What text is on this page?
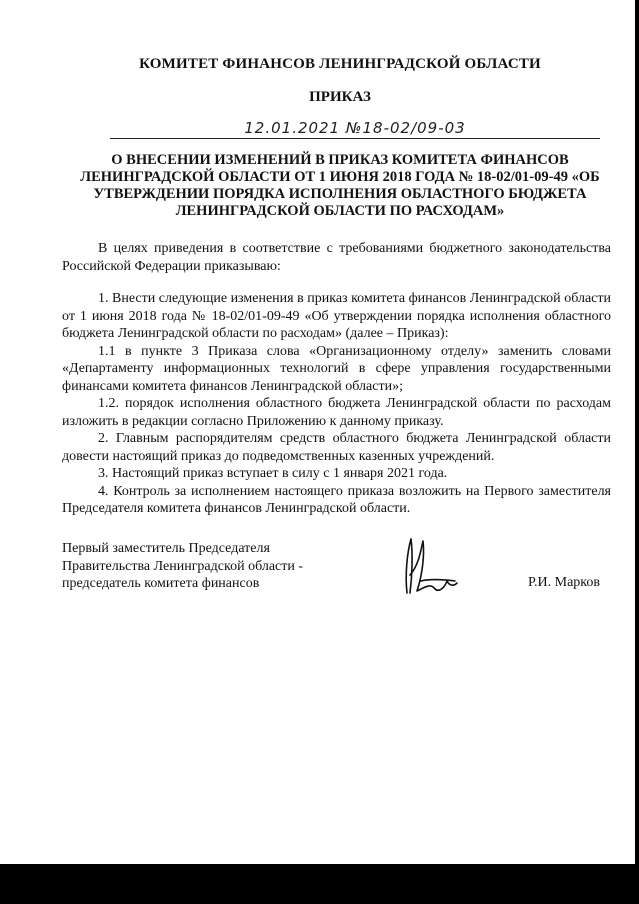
КОМИТЕТ ФИНАНСОВ ЛЕНИНГРАДСКОЙ ОБЛАСТИ
ПРИКАЗ
12.01.2021 №18-02/09-03
О ВНЕСЕНИИ ИЗМЕНЕНИЙ В ПРИКАЗ КОМИТЕТА ФИНАНСОВ
ЛЕНИНГРАДСКОЙ ОБЛАСТИ ОТ 1 ИЮНЯ 2018 ГОДА № 18-02/01-09-49 «ОБ
УТВЕРЖДЕНИИ ПОРЯДКА ИСПОЛНЕНИЯ ОБЛАСТНОГО БЮДЖЕТА
ЛЕНИНГРАДСКОЙ ОБЛАСТИ ПО РАСХОДАМ»

В целях приведения в соответствие с требованиями бюджетного законодательства Российской Федерации приказываю:

1. Внести следующие изменения в приказ комитета финансов Ленинградской области от 1 июня 2018 года № 18-02/01-09-49 «Об утверждении порядка исполнения областного бюджета Ленинградской области по расходам» (далее – Приказ):

1.1 в пункте 3 Приказа слова «Организационному отделу» заменить словами «Департаменту информационных технологий в сфере управления государственными финансами комитета финансов Ленинградской области»;

1.2. порядок исполнения областного бюджета Ленинградской области по расходам изложить в редакции согласно Приложению к данному приказу.

2. Главным распорядителям средств областного бюджета Ленинградской области довести настоящий приказ до подведомственных казенных учреждений.

3. Настоящий приказ вступает в силу с 1 января 2021 года.

4. Контроль за исполнением настоящего приказа возложить на Первого заместителя Председателя комитета финансов Ленинградской области.

Первый заместитель Председателя
Правительства Ленинградской области -
председатель комитета финансов	Р.И. Марков
